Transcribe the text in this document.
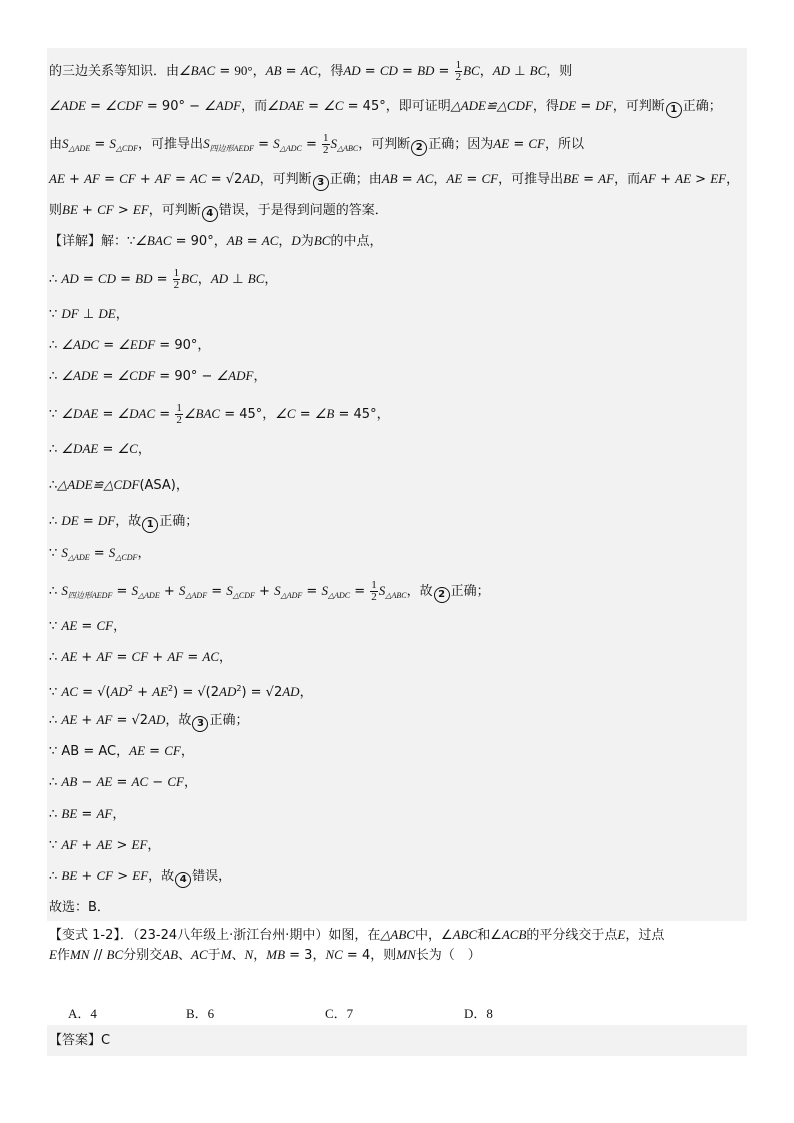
的三边关系等知识．由∠BAC = 90°，AB = AC，得AD = CD = BD = $\frac{1}{2}$ BC，AD ⊥ BC，则
∠ADE = ∠CDF = 90° − ∠ADF，而∠DAE = ∠C = 45°，即可证明△ADE≌△CDF，得DE = DF，可判断 1 正确；
由$S_{\triangle ADE} = S_{\triangle CDF}$，可推导出$S_{四边形AEDF} = S_{\triangle ADC} = \frac{1}{2} S_{\triangle ABC}$，可判断 2 正确；因为AE = CF，所以
AE + AF = CF + AF = AC = √2AD，可判断 3 正确；由AB = AC，AE = CF，可推导出BE = AF，而AF + AE > EF，
则BE + CF > EF，可判断 4 错误，于是得到问题的答案．
【详解】解：∵∠BAC = 90°，AB = AC，D为BC的中点，
∴ AD = CD = BD = $\frac{1}{2}$ BC，AD ⊥ BC，
∵ DF ⊥ DE，
∴ ∠ADC = ∠EDF = 90°，
∴ ∠ADE = ∠CDF = 90° − ∠ADF，
∵ ∠DAE = ∠DAC = $\frac{1}{2}$ ∠BAC = 45°，∠C = ∠B = 45°，
∴ ∠DAE = ∠C，
∴△ADE≌△CDF(ASA)，
∴ DE = DF，故 1 正确；
∵ $S_{\triangle ADE} = S_{\triangle CDF}$，
∴ $S_{四边形AEDF} = S_{\triangle ADE} + S_{\triangle ADF} = S_{\triangle CDF} + S_{\triangle ADF} = S_{\triangle ADC} = \frac{1}{2} S_{\triangle ABC}$，故 2 正确；
∵ AE = CF，
∴ AE + AF = CF + AF = AC，
∵ AC = $√(AD^2 + AE^2) = √(2AD^2) = √2AD$，
∴ AE + AF = √2AD，故 3 正确；
∵ AB = AC，AE = CF，
∴ AB − AE = AC − CF，
∴ BE = AF，
∵ AF + AE > EF，
∴ BE + CF > EF，故 4 错误，
故选：B．
【变式 1-2】．（23-24八年级上·浙江台州·期中）如图，在△ABC中，∠ABC和∠ACB的平分线交于点E，过点
E作MN // BC分别交AB、AC于M、N，MB = 3，NC = 4，则MN长为（　）
A．4	B．6	C．7	D．8
【答案】C
